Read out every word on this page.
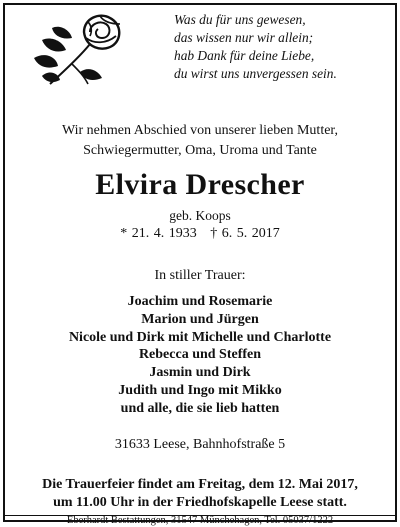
Was du für uns gewesen,
das wissen nur wir allein;
hab Dank für deine Liebe,
du wirst uns unvergessen sein.
Wir nehmen Abschied von unserer lieben Mutter,
Schwiegermutter, Oma, Uroma und Tante
Elvira Drescher
geb. Koops
* 21. 4. 1933   † 6. 5. 2017
In stiller Trauer:
Joachim und Rosemarie
Marion und Jürgen
Nicole und Dirk mit Michelle und Charlotte
Rebecca und Steffen
Jasmin und Dirk
Judith und Ingo mit Mikko
und alle, die sie lieb hatten
31633 Leese, Bahnhofstraße 5
Die Trauerfeier findet am Freitag, dem 12. Mai 2017,
um 11.00 Uhr in der Friedhofskapelle Leese statt.
Eberhardt Bestattungen, 31547 Münchehagen, Tel. 05037/1222
